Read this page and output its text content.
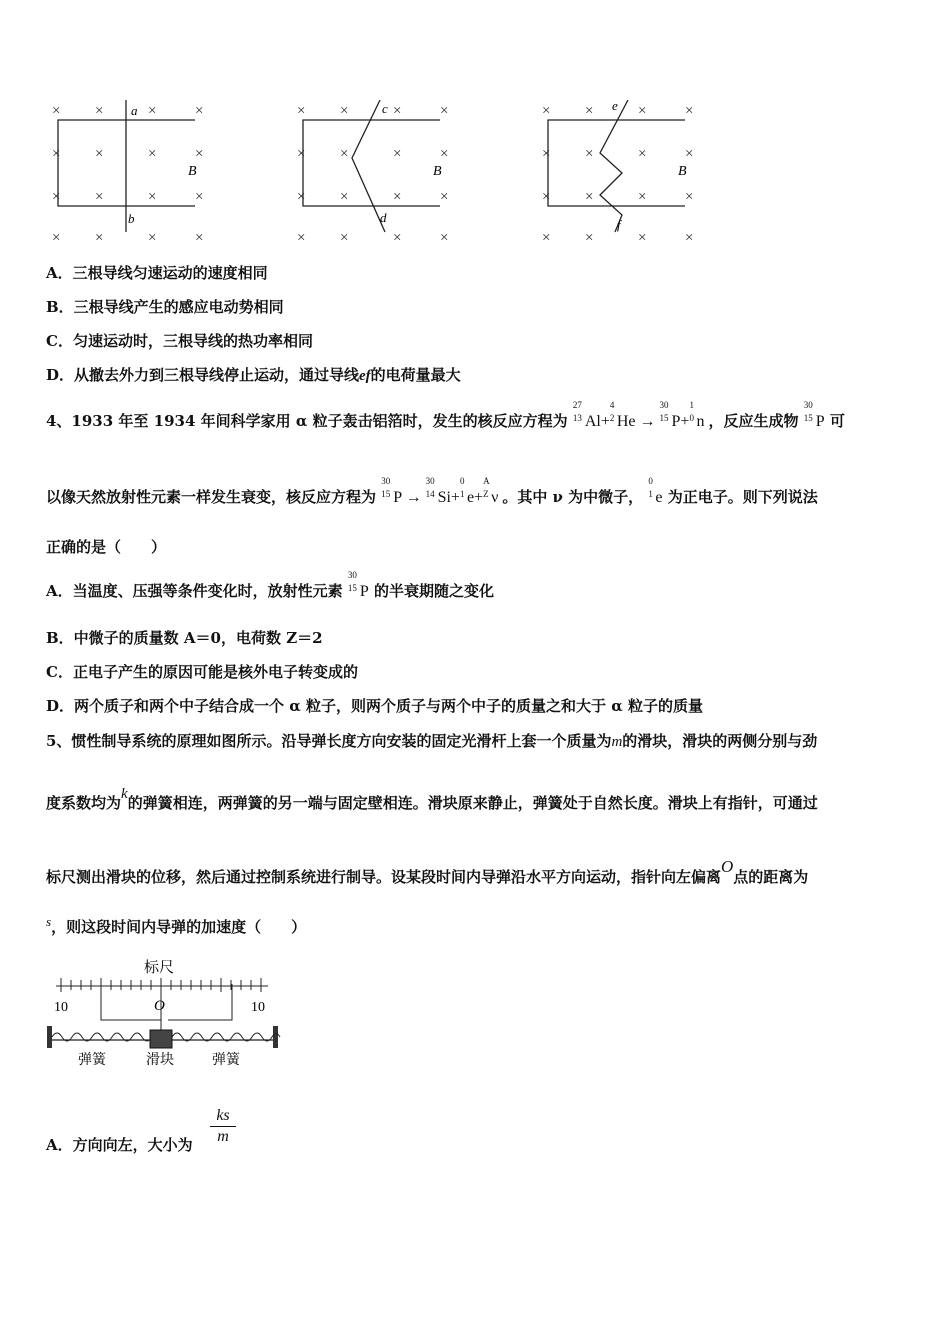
× ×	×	×
× ×	×	×
× ×	×	×
× ×	×	×
a
b
B
× ×	×	×
× ×	×	×
× ×	×	×
× ×	×	×
c
d
B
× ×	×	×
× ×	×	×
× ×	×	×
× ×	×	×
e
f
B
A．三根导线匀速运动的速度相同
B．三根导线产生的感应电动势相同
C．匀速运动时，三根导线的热功率相同
D．从撤去外力到三根导线停止运动，通过导线ef的电荷量最大
4、1933 年至 1934 年间科学家用 α 粒子轰击铝箔时，发生的核反应方程为
27
13 Al+
4
2 He →
30
15 P+
1
0 n ，反应生成物
30
15 P 可
以像天然放射性元素一样发生衰变，核反应方程为
30
15 P →
30
14 Si+
0
1 e+
A
Z ν 。其中 ν 为中微子，
0
1 e 为正电子。则下列说法
正确的是（　　）
A．当温度、压强等条件变化时，放射性元素
30
15 P 的半衰期随之变化
B．中微子的质量数 A＝0，电荷数 Z＝2
C．正电子产生的原因可能是核外电子转变成的
D．两个质子和两个中子结合成一个 α 粒子，则两个质子与两个中子的质量之和大于 α 粒子的质量
5、惯性制导系统的原理如图所示。沿导弹长度方向安装的固定光滑杆上套一个质量为m的滑块，滑块的两侧分别与劲
度系数均为k的弹簧相连，两弹簧的另一端与固定壁相连。滑块原来静止，弹簧处于自然长度。滑块上有指针，可通过
标尺测出滑块的位移，然后通过控制系统进行制导。设某段时间内导弹沿水平方向运动，指针向左偏离O点的距离为
s，则这段时间内导弹的加速度（　　）
标尺
10	O	10
弹簧	滑块	弹簧
A．方向向左，大小为
ks
m
